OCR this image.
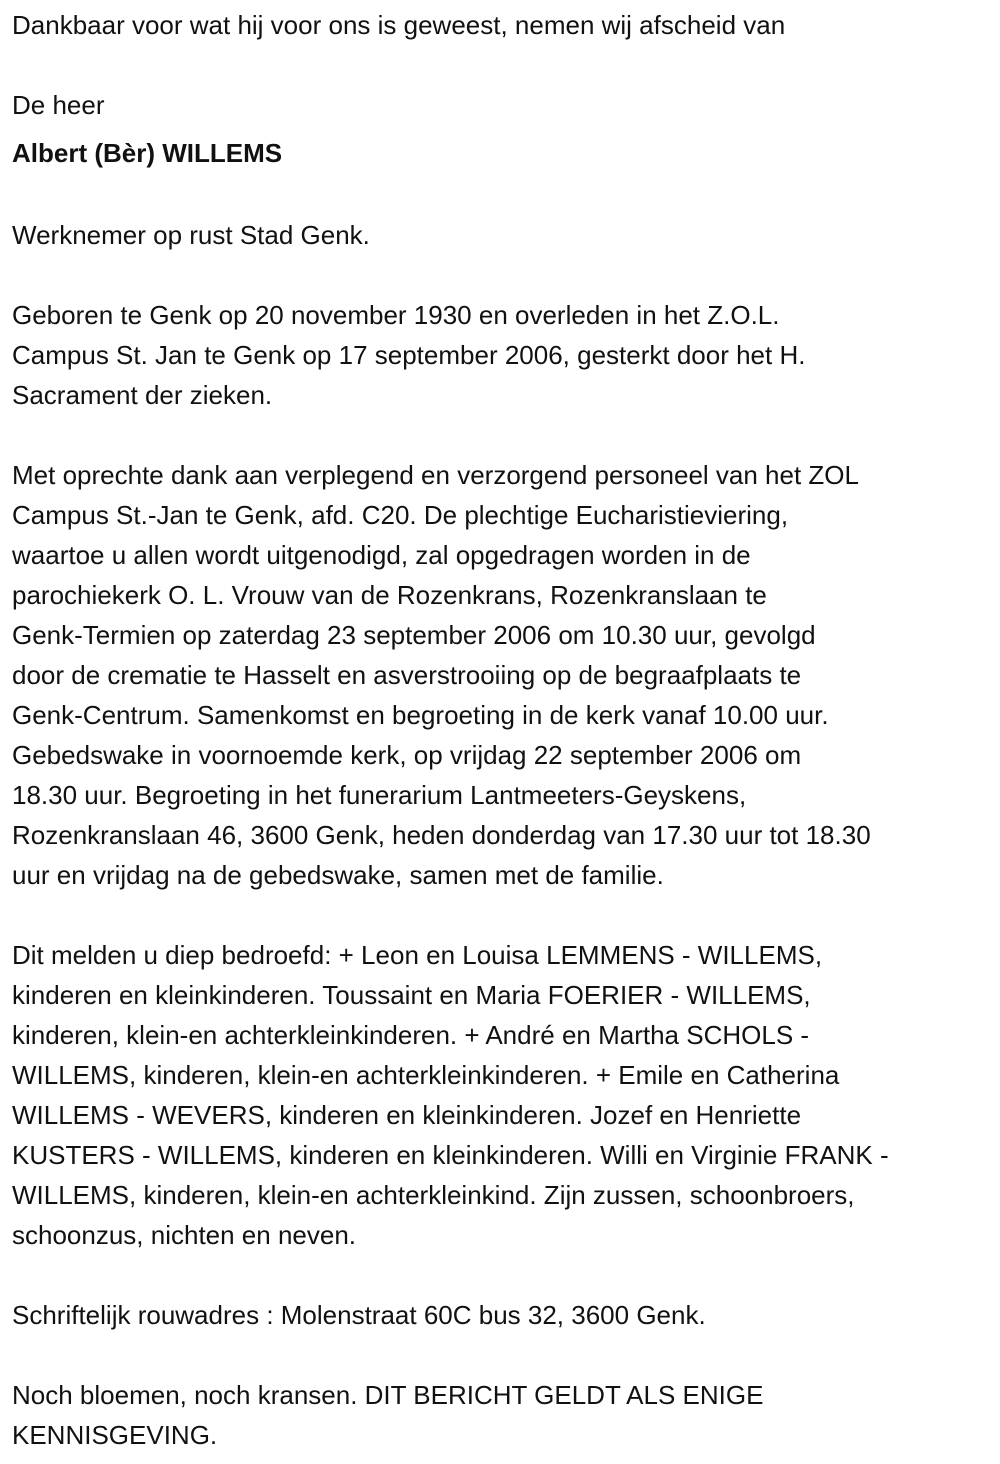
Dankbaar voor wat hij voor ons is geweest, nemen wij afscheid van
De heer
Albert (Bèr) WILLEMS
Werknemer op rust Stad Genk.
Geboren te Genk op 20 november 1930 en overleden in het Z.O.L.
Campus St. Jan te Genk op 17 september 2006, gesterkt door het H.
Sacrament der zieken.
Met oprechte dank aan verplegend en verzorgend personeel van het ZOL
Campus St.-Jan te Genk, afd. C20. De plechtige Eucharistieviering,
waartoe u allen wordt uitgenodigd, zal opgedragen worden in de
parochiekerk O. L. Vrouw van de Rozenkrans, Rozenkranslaan te
Genk-Termien op zaterdag 23 september 2006 om 10.30 uur, gevolgd
door de crematie te Hasselt en asverstrooiing op de begraafplaats te
Genk-Centrum. Samenkomst en begroeting in de kerk vanaf 10.00 uur.
Gebedswake in voornoemde kerk, op vrijdag 22 september 2006 om
18.30 uur. Begroeting in het funerarium Lantmeeters-Geyskens,
Rozenkranslaan 46, 3600 Genk, heden donderdag van 17.30 uur tot 18.30
uur en vrijdag na de gebedswake, samen met de familie.
Dit melden u diep bedroefd: + Leon en Louisa LEMMENS - WILLEMS,
kinderen en kleinkinderen. Toussaint en Maria FOERIER - WILLEMS,
kinderen, klein-en achterkleinkinderen. + André en Martha SCHOLS -
WILLEMS, kinderen, klein-en achterkleinkinderen. + Emile en Catherina
WILLEMS - WEVERS, kinderen en kleinkinderen. Jozef en Henriette
KUSTERS - WILLEMS, kinderen en kleinkinderen. Willi en Virginie FRANK -
WILLEMS, kinderen, klein-en achterkleinkind. Zijn zussen, schoonbroers,
schoonzus, nichten en neven.
Schriftelijk rouwadres : Molenstraat 60C bus 32, 3600 Genk.
Noch bloemen, noch kransen. DIT BERICHT GELDT ALS ENIGE
KENNISGEVING.
